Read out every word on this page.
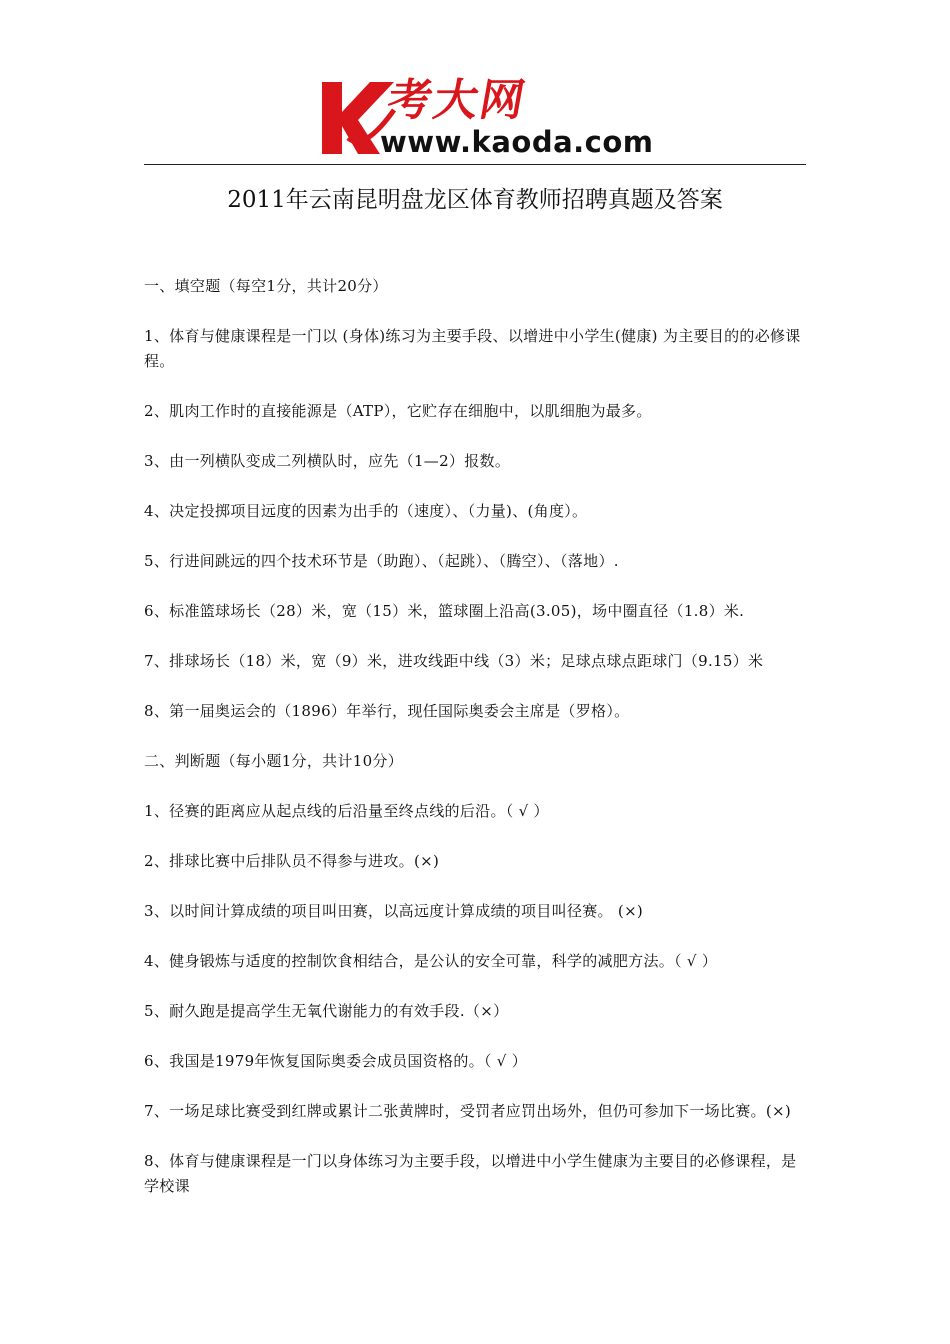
考大网
www.kaoda.com
2011年云南昆明盘龙区体育教师招聘真题及答案

一、填空题（每空1分，共计20分）

1、体育与健康课程是一门以 (身体)练习为主要手段、以增进中小学生(健康) 为主要目的的必修课程。

2、肌肉工作时的直接能源是（ATP），它贮存在细胞中，以肌细胞为最多。

3、由一列横队变成二列横队时，应先（1—2）报数。

4、决定投掷项目远度的因素为出手的（速度）、（力量)、(角度）。

5、行进间跳远的四个技术环节是（助跑）、（起跳）、（腾空）、（落地）.

6、标准篮球场长（28）米，宽（15）米，篮球圈上沿高(3.05)，场中圈直径（1.8）米.

7、排球场长（18）米，宽（9）米，进攻线距中线（3）米；足球点球点距球门（9.15）米

8、第一届奥运会的（1896）年举行，现任国际奥委会主席是（罗格）。

二、判断题（每小题1分，共计10分）

1、径赛的距离应从起点线的后沿量至终点线的后沿。（ √ ）

2、排球比赛中后排队员不得参与进攻。(×)

3、以时间计算成绩的项目叫田赛，以高远度计算成绩的项目叫径赛。 (×)

4、健身锻炼与适度的控制饮食相结合，是公认的安全可靠，科学的减肥方法。（ √ ）

5、耐久跑是提高学生无氧代谢能力的有效手段.（×）

6、我国是1979年恢复国际奥委会成员国资格的。（ √ ）

7、一场足球比赛受到红牌或累计二张黄牌时，受罚者应罚出场外，但仍可参加下一场比赛。(×)

8、体育与健康课程是一门以身体练习为主要手段，以增进中小学生健康为主要目的必修课程，是学校课
